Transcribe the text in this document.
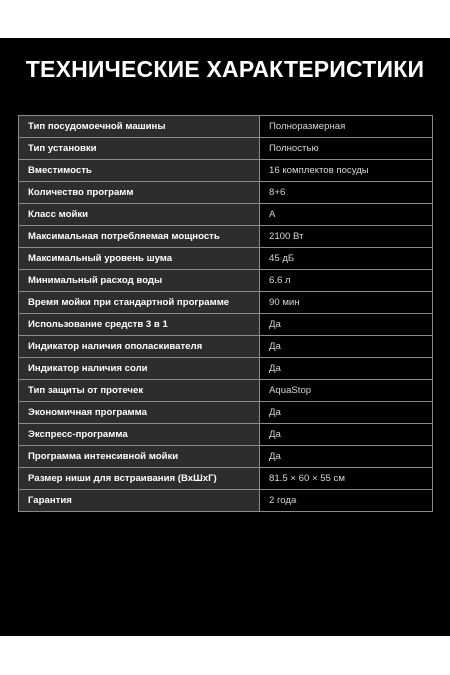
ТЕХНИЧЕСКИЕ ХАРАКТЕРИСТИКИ
Тип посудомоечной машины	Полноразмерная
Тип установки	Полностью
Вместимость	16 комплектов посуды
Количество программ	8+6
Класс мойки	A
Максимальная потребляемая мощность	2100 Вт
Максимальный уровень шума	45 дБ
Минимальный расход воды	6.6 л
Время мойки при стандартной программе	90 мин
Использование средств 3 в 1	Да
Индикатор наличия ополаскивателя	Да
Индикатор наличия соли	Да
Тип защиты от протечек	AquaStop
Экономичная программа	Да
Экспресс-программа	Да
Программа интенсивной мойки	Да
Размер ниши для встраивания (ВхШхГ)	81.5 × 60 × 55 см
Гарантия	2 года
